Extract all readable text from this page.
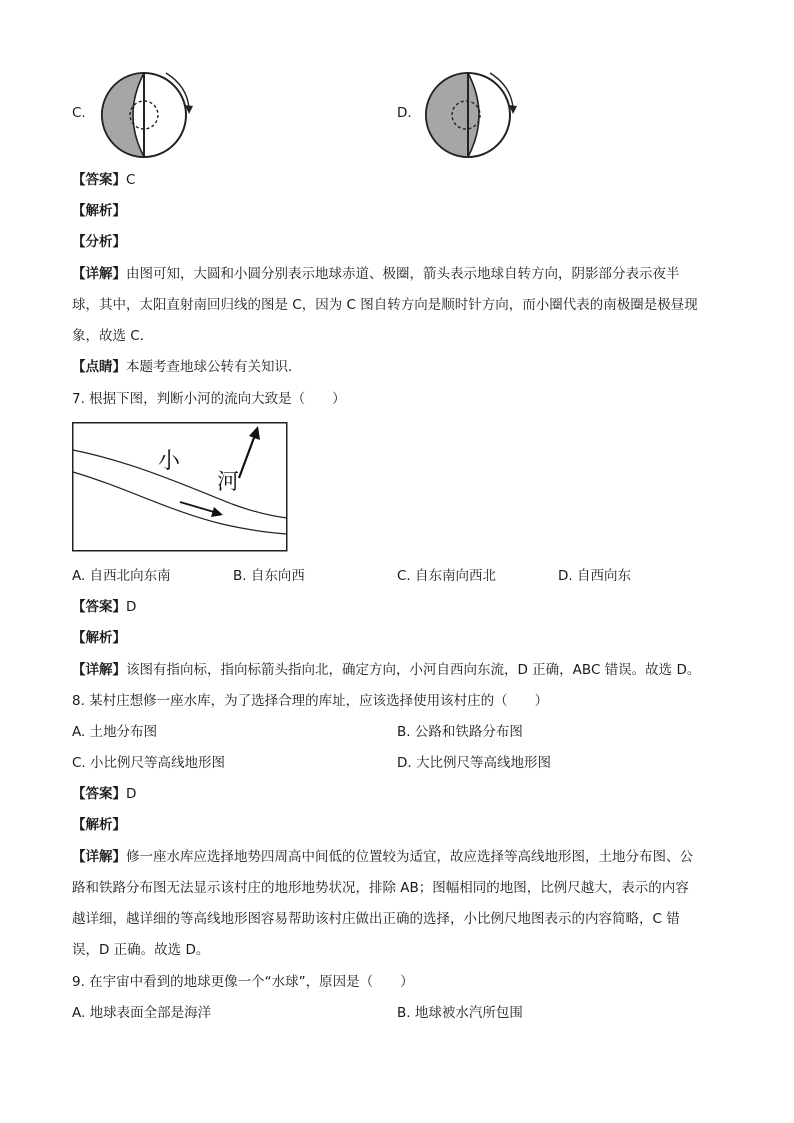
C.	D.
【答案】C
【解析】
【分析】
【详解】由图可知，大圆和小圆分别表示地球赤道、极圈，箭头表示地球自转方向，阴影部分表示夜半
球，其中，太阳直射南回归线的图是 C，因为 C 图自转方向是顺时针方向，而小圈代表的南极圈是极昼现
象，故选 C．
【点睛】本题考查地球公转有关知识．
7. 根据下图，判断小河的流向大致是（　　）
小
河
A. 自西北向东南	B. 自东向西	C. 自东南向西北	D. 自西向东
【答案】D
【解析】
【详解】该图有指向标，指向标箭头指向北，确定方向，小河自西向东流，D 正确，ABC 错误。故选 D。
8. 某村庄想修一座水库，为了选择合理的库址，应该选择使用该村庄的（　　）
A. 土地分布图	B. 公路和铁路分布图
C. 小比例尺等高线地形图	D. 大比例尺等高线地形图
【答案】D
【解析】
【详解】修一座水库应选择地势四周高中间低的位置较为适宜，故应选择等高线地形图，土地分布图、公
路和铁路分布图无法显示该村庄的地形地势状况，排除 AB；图幅相同的地图，比例尺越大，表示的内容
越详细，越详细的等高线地形图容易帮助该村庄做出正确的选择，小比例尺地图表示的内容简略，C 错
误，D 正确。故选 D。
9. 在宇宙中看到的地球更像一个“水球”，原因是（　　）
A. 地球表面全部是海洋	B. 地球被水汽所包围
